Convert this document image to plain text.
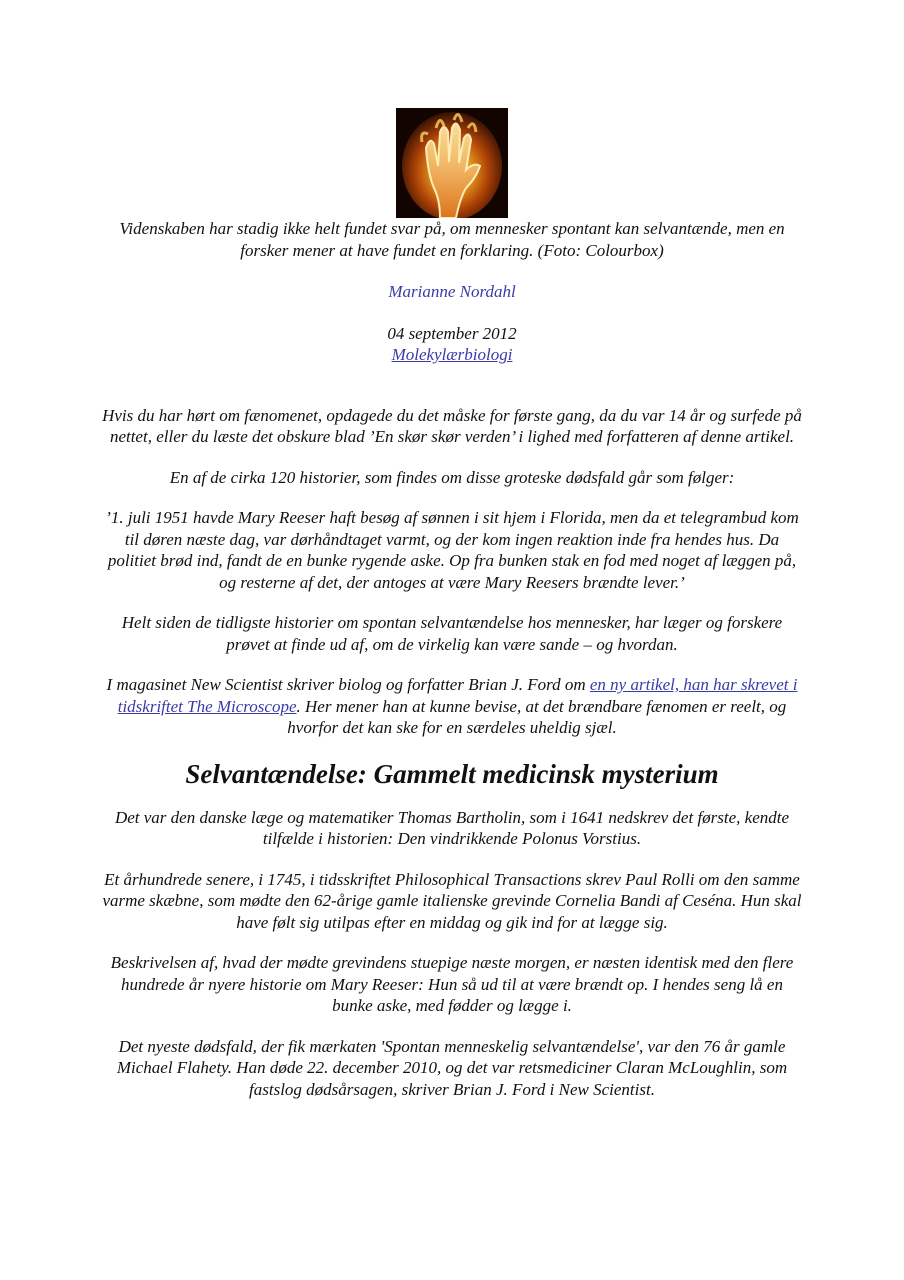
Videnskaben har stadig ikke helt fundet svar på, om mennesker spontant kan selvantænde, men en forsker mener at have fundet en forklaring. (Foto: Colourbox)

Marianne Nordahl

04 september 2012
Molekylærbiologi

Hvis du har hørt om fænomenet, opdagede du det måske for første gang, da du var 14 år og surfede på nettet, eller du læste det obskure blad ’En skør skør verden’ i lighed med forfatteren af denne artikel.

En af de cirka 120 historier, som findes om disse groteske dødsfald går som følger:

’1. juli 1951 havde Mary Reeser haft besøg af sønnen i sit hjem i Florida, men da et telegrambud kom til døren næste dag, var dørhåndtaget varmt, og der kom ingen reaktion inde fra hendes hus. Da politiet brød ind, fandt de en bunke rygende aske. Op fra bunken stak en fod med noget af læggen på, og resterne af det, der antoges at være Mary Reesers brændte lever.’

Helt siden de tidligste historier om spontan selvantændelse hos mennesker, har læger og forskere prøvet at finde ud af, om de virkelig kan være sande – og hvordan.

I magasinet New Scientist skriver biolog og forfatter Brian J. Ford om en ny artikel, han har skrevet i tidskriftet The Microscope. Her mener han at kunne bevise, at det brændbare fænomen er reelt, og hvorfor det kan ske for en særdeles uheldig sjæl.

Selvantændelse: Gammelt medicinsk mysterium

Det var den danske læge og matematiker Thomas Bartholin, som i 1641 nedskrev det første, kendte tilfælde i historien: Den vindrikkende Polonus Vorstius.

Et århundrede senere, i 1745, i tidsskriftet Philosophical Transactions skrev Paul Rolli om den samme varme skæbne, som mødte den 62-årige gamle italienske grevinde Cornelia Bandi af Ceséna. Hun skal have følt sig utilpas efter en middag og gik ind for at lægge sig.

Beskrivelsen af, hvad der mødte grevindens stuepige næste morgen, er næsten identisk med den flere hundrede år nyere historie om Mary Reeser: Hun så ud til at være brændt op. I hendes seng lå en bunke aske, med fødder og lægge i.

Det nyeste dødsfald, der fik mærkaten 'Spontan menneskelig selvantændelse', var den 76 år gamle Michael Flahety. Han døde 22. december 2010, og det var retsmediciner Claran McLoughlin, som fastslog dødsårsagen, skriver Brian J. Ford i New Scientist.
